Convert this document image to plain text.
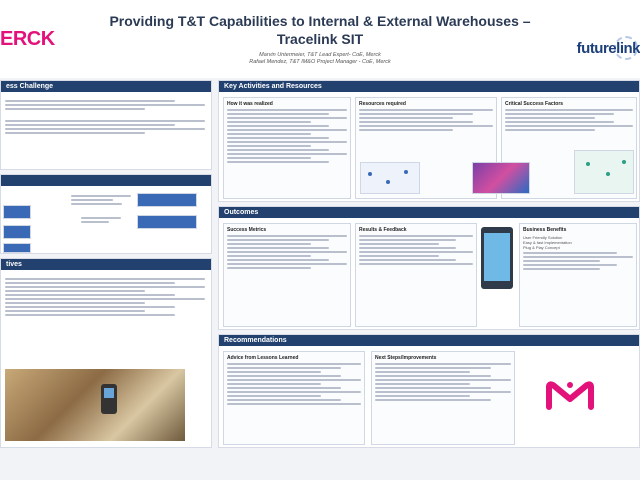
ERCK
Providing T&T Capabilities to Internal & External Warehouses –
Tracelink SIT
Marvin Untermeier, T&T Lead Expert- CoE, Merck
Rafael Mendez, T&T IM&O Project Manager - CoE, Merck
futurelink
ess Challenge
tives
Key Activities and Resources
How it was realized	Resources required	Critical Success Factors
Outcomes
Success Metrics	Results & Feedback	Business Benefits
User Friendly Solution
Easy & fast Implementation
Plug & Play Concept
Recommendations
Advice from Lessons Learned	Next Steps/Improvements
